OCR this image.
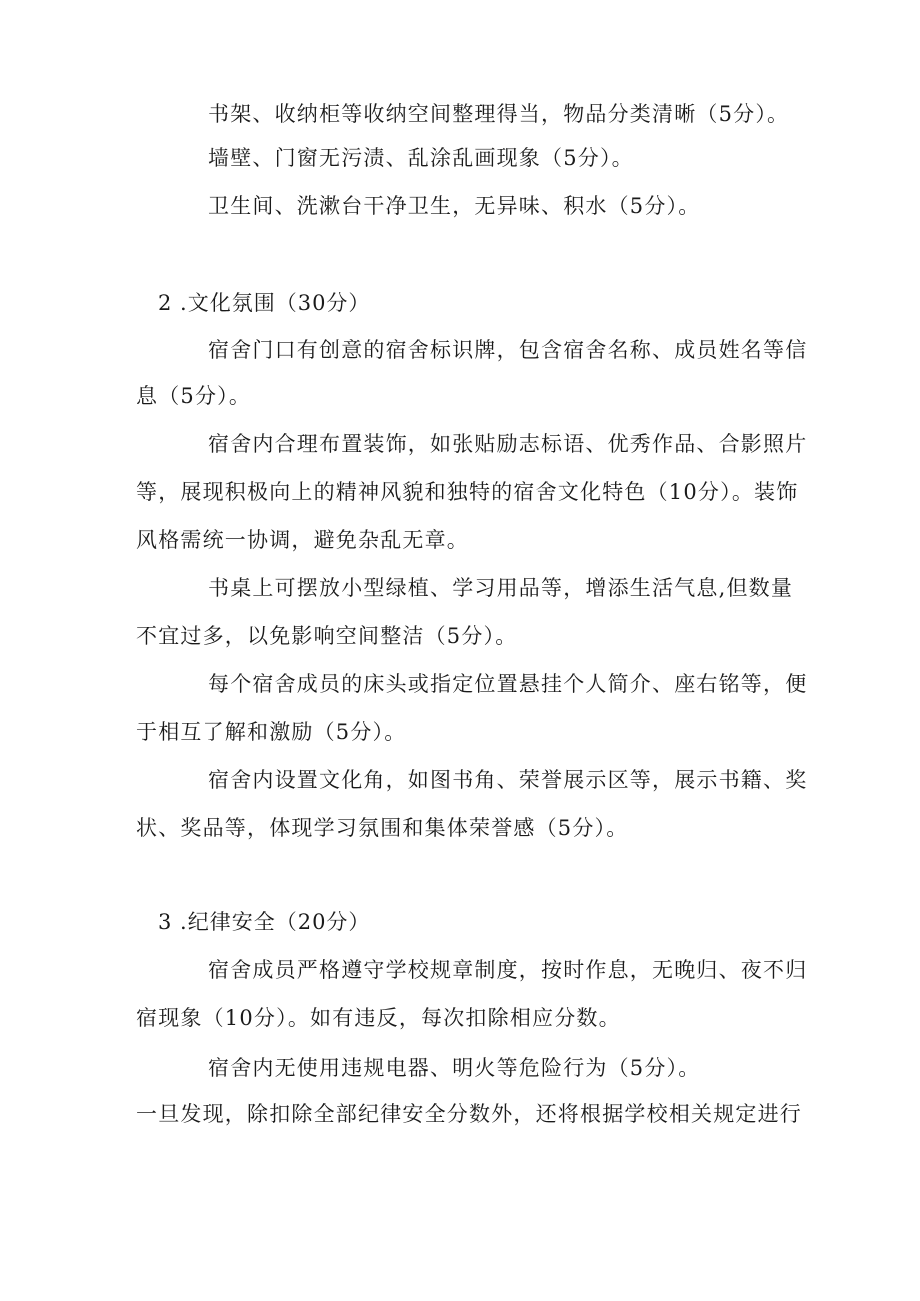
书架、收纳柜等收纳空间整理得当，物品分类清晰（5分）。
墙壁、门窗无污渍、乱涂乱画现象（5分）。
卫生间、洗漱台干净卫生，无异味、积水（5分）。
2 .文化氛围（30分）
宿舍门口有创意的宿舍标识牌，包含宿舍名称、成员姓名等信
息（5分）。
宿舍内合理布置装饰，如张贴励志标语、优秀作品、合影照片
等，展现积极向上的精神风貌和独特的宿舍文化特色（10分）。装饰
风格需统一协调，避免杂乱无章。
书桌上可摆放小型绿植、学习用品等，增添生活气息,但数量
不宜过多，以免影响空间整洁（5分）。
每个宿舍成员的床头或指定位置悬挂个人简介、座右铭等，便
于相互了解和激励（5分）。
宿舍内设置文化角，如图书角、荣誉展示区等，展示书籍、奖
状、奖品等，体现学习氛围和集体荣誉感（5分）。
3 .纪律安全（20分）
宿舍成员严格遵守学校规章制度，按时作息，无晚归、夜不归
宿现象（10分）。如有违反，每次扣除相应分数。
宿舍内无使用违规电器、明火等危险行为（5分）。
一旦发现，除扣除全部纪律安全分数外，还将根据学校相关规定进行
